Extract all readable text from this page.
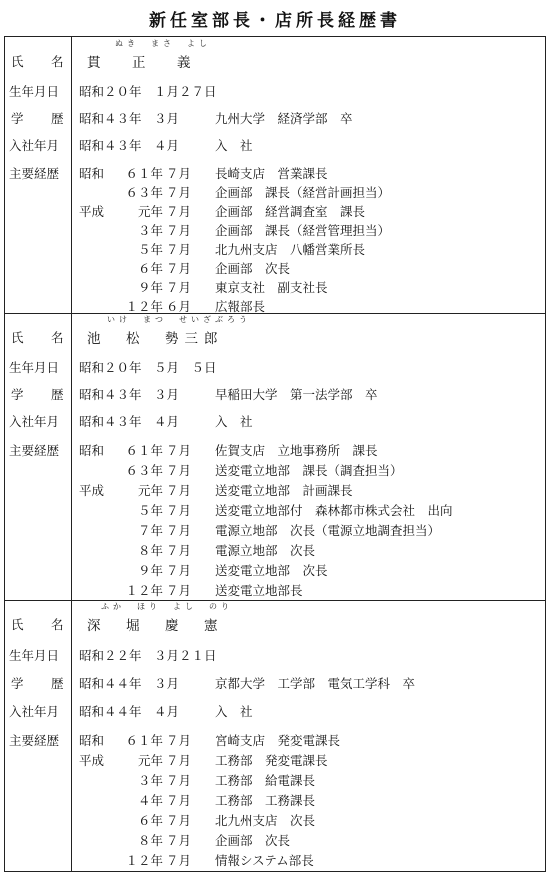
新任室部長・店所長経歴書
ぬき　まさ　よし
氏 名 貫　正　義
生年月日	昭和２０年　１月２７日
学 歴 昭和４３年　３月	九州大学　経済学部　卒
入社年月	昭和４３年　４月	入　社
主要経歴	昭和	６１年 ７月 長崎支店　営業課長
６３年 ７月 企画部　課長（経営計画担当）
平成	元年 ７月 企画部　経営調査室　課長
３年 ７月 企画部　課長（経営管理担当）
５年 ７月 北九州支店　八幡営業所長
６年 ７月 企画部　次長
９年 ７月 東京支社　副支社長
１２年 ６月 広報部長
いけ　まつ　せいざぶろう
氏 名 池　松　勢三郎
生年月日	昭和２０年　５月　５日
学 歴 昭和４３年　３月	早稲田大学　第一法学部　卒
入社年月	昭和４３年　４月	入　社
主要経歴	昭和	６１年 ７月 佐賀支店　立地事務所　課長
６３年 ７月 送変電立地部　課長（調査担当）
平成	元年 ７月 送変電立地部　計画課長
５年 ７月 送変電立地部付　森林都市株式会社　出向
７年 ７月 電源立地部　次長（電源立地調査担当）
８年 ７月 電源立地部　次長
９年 ７月 送変電立地部　次長
１２年 ７月 送変電立地部長
ふか　ほり　よし　のり
氏 名 深　堀　慶　憲
生年月日	昭和２２年　３月２１日
学 歴 昭和４４年　３月	京都大学　工学部　電気工学科　卒
入社年月	昭和４４年　４月	入　社
主要経歴	昭和	６１年 ７月 宮崎支店　発変電課長
平成	元年 ７月 工務部　発変電課長
３年 ７月 工務部　給電課長
４年 ７月 工務部　工務課長
６年 ７月 北九州支店　次長
８年 ７月 企画部　次長
１２年 ７月 情報システム部長
